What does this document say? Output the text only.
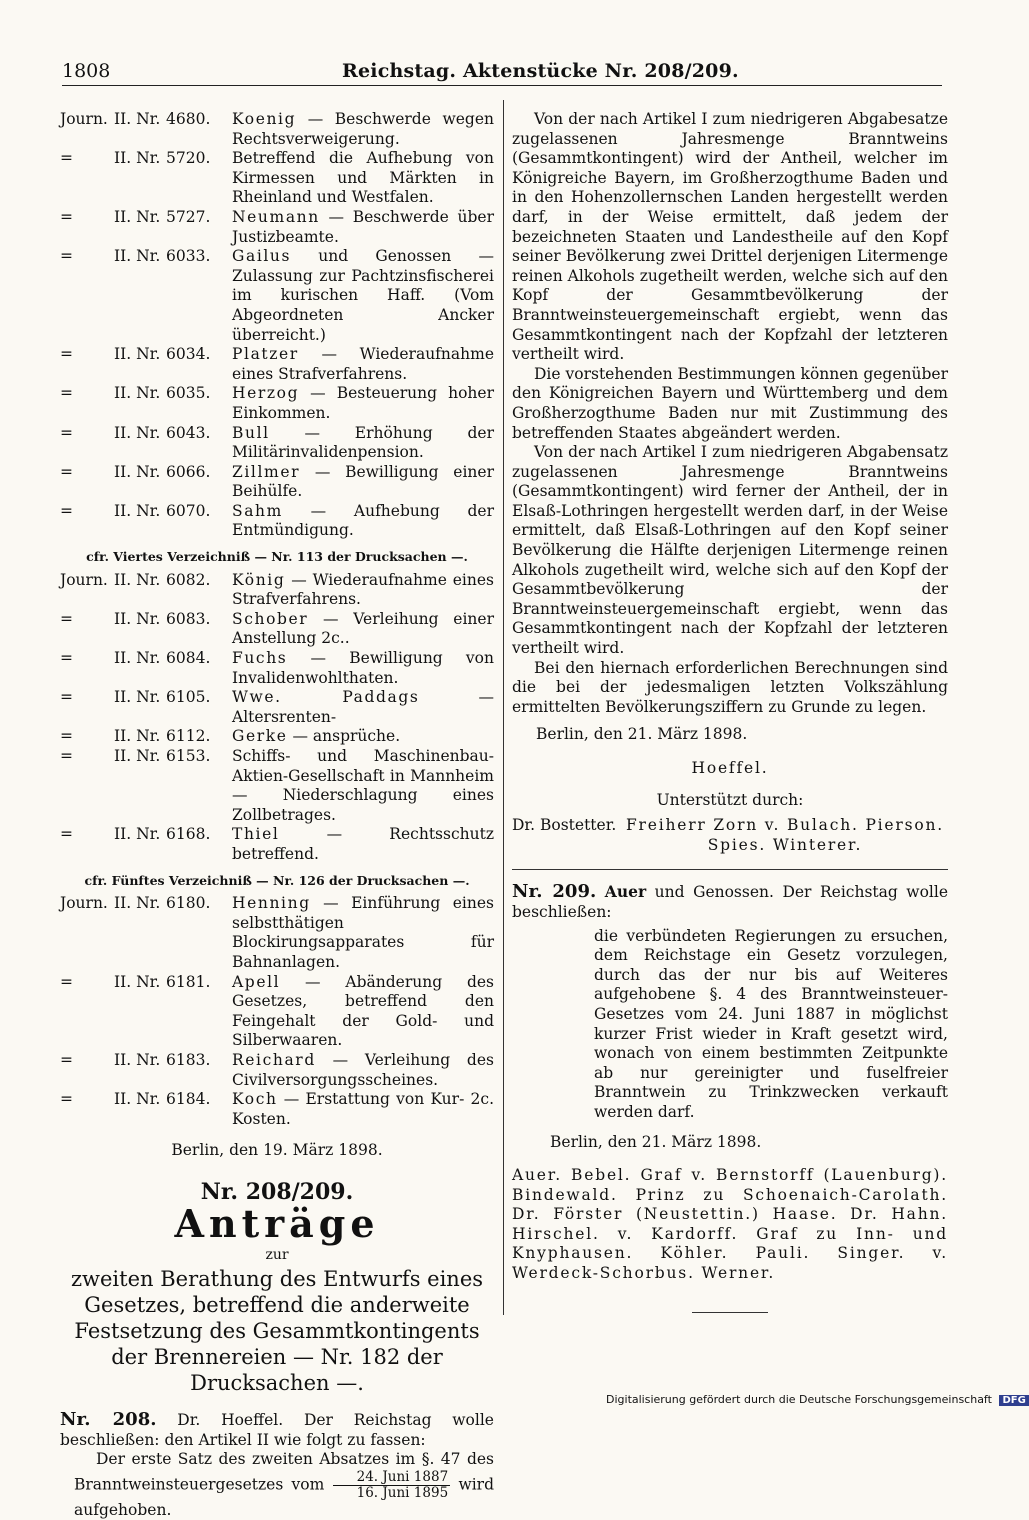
1808	Reichstag. Aktenstücke Nr. 208/209.
Journ. II. Nr. 4680.	Koenig — Beschwerde wegen Rechtsverweigerung.
=	II. Nr. 5720.	Betreffend die Aufhebung von Kirmessen und Märkten in Rheinland und Westfalen.
=	II. Nr. 5727.	Neumann — Beschwerde über Justizbeamte.
=	II. Nr. 6033.	Gailus und Genossen — Zulassung zur Pachtzinsfischerei im kurischen Haff. (Vom Abgeordneten Ancker überreicht.)
=	II. Nr. 6034.	Platzer — Wiederaufnahme eines Strafverfahrens.
=	II. Nr. 6035.	Herzog — Besteuerung hoher Einkommen.
=	II. Nr. 6043.	Bull — Erhöhung der Militärinvalidenpension.
=	II. Nr. 6066.	Zillmer — Bewilligung einer Beihülfe.
=	II. Nr. 6070.	Sahm — Aufhebung der Entmündigung.
cfr. Viertes Verzeichniß — Nr. 113 der Drucksachen —.
Journ. II. Nr. 6082.	König — Wiederaufnahme eines Strafverfahrens.
=	II. Nr. 6083.	Schober — Verleihung einer Anstellung 2c..
=	II. Nr. 6084.	Fuchs — Bewilligung von Invalidenwohlthaten.
=	II. Nr. 6105.	Wwe. Paddags — Altersrenten-
=	II. Nr. 6112.	Gerke — ansprüche.
=	II. Nr. 6153.	Schiffs- und Maschinenbau-Aktien-Gesellschaft in Mannheim — Niederschlagung eines Zollbetrages.
=	II. Nr. 6168.	Thiel — Rechtsschutz betreffend.
cfr. Fünftes Verzeichniß — Nr. 126 der Drucksachen —.
Journ. II. Nr. 6180.	Henning — Einführung eines selbstthätigen Blockirungsapparates für Bahnanlagen.
=	II. Nr. 6181.	Apell — Abänderung des Gesetzes, betreffend den Feingehalt der Gold- und Silberwaaren.
=	II. Nr. 6183.	Reichard — Verleihung des Civilversorgungsscheines.
=	II. Nr. 6184.	Koch — Erstattung von Kur- 2c. Kosten.
Berlin, den 19. März 1898.
Nr. 208/209.
Anträge
zur
zweiten Berathung des Entwurfs eines Gesetzes, betreffend die anderweite Festsetzung des Gesammtkontingents der Brennereien — Nr. 182 der Drucksachen —.
Nr. 208. Dr. Hoeffel. Der Reichstag wolle beschließen: den Artikel II wie folgt zu fassen:
Der erste Satz des zweiten Absatzes im §. 47 des Branntweinsteuergesetzes vom $\frac{\text{24. Juni 1887}}{\text{16. Juni 1895}}$ wird aufgehoben.
Von der nach Artikel I zum niedrigeren Abgabesatze zugelassenen Jahresmenge Branntweins (Gesammtkontingent) wird der Antheil, welcher im Königreiche Bayern, im Großherzogthume Baden und in den Hohenzollernschen Landen hergestellt werden darf, in der Weise ermittelt, daß jedem der bezeichneten Staaten und Landestheile auf den Kopf seiner Bevölkerung zwei Drittel derjenigen Litermenge reinen Alkohols zugetheilt werden, welche sich auf den Kopf der Gesammtbevölkerung der Branntweinsteuergemeinschaft ergiebt, wenn das Gesammtkontingent nach der Kopfzahl der letzteren vertheilt wird.
Die vorstehenden Bestimmungen können gegenüber den Königreichen Bayern und Württemberg und dem Großherzogthume Baden nur mit Zustimmung des betreffenden Staates abgeändert werden.
Von der nach Artikel I zum niedrigeren Abgabensatz zugelassenen Jahresmenge Branntweins (Gesammtkontingent) wird ferner der Antheil, der in Elsaß-Lothringen hergestellt werden darf, in der Weise ermittelt, daß Elsaß-Lothringen auf den Kopf seiner Bevölkerung die Hälfte derjenigen Litermenge reinen Alkohols zugetheilt wird, welche sich auf den Kopf der Gesammtbevölkerung der Branntweinsteuergemeinschaft ergiebt, wenn das Gesammtkontingent nach der Kopfzahl der letzteren vertheilt wird.
Bei den hiernach erforderlichen Berechnungen sind die bei der jedesmaligen letzten Volkszählung ermittelten Bevölkerungsziffern zu Grunde zu legen.
Berlin, den 21. März 1898.
Hoeffel.
Unterstützt durch:
Dr. Bostetter. Freiherr Zorn v. Bulach. Pierson.
Spies. Winterer.
Nr. 209. Auer und Genossen. Der Reichstag wolle beschließen:
die verbündeten Regierungen zu ersuchen, dem Reichstage ein Gesetz vorzulegen, durch das der nur bis auf Weiteres aufgehobene §. 4 des Branntweinsteuer-Gesetzes vom 24. Juni 1887 in möglichst kurzer Frist wieder in Kraft gesetzt wird, wonach von einem bestimmten Zeitpunkte ab nur gereinigter und fuselfreier Branntwein zu Trinkzwecken verkauft werden darf.
Berlin, den 21. März 1898.
Auer. Bebel. Graf v. Bernstorff (Lauenburg). Bindewald. Prinz zu Schoenaich-Carolath. Dr. Förster (Neustettin.) Haase. Dr. Hahn. Hirschel. v. Kardorff. Graf zu Inn- und Knyphausen. Köhler. Pauli. Singer. v. Werdeck-Schorbus. Werner.
Digitalisierung gefördert durch die Deutsche Forschungsgemeinschaft DFG
